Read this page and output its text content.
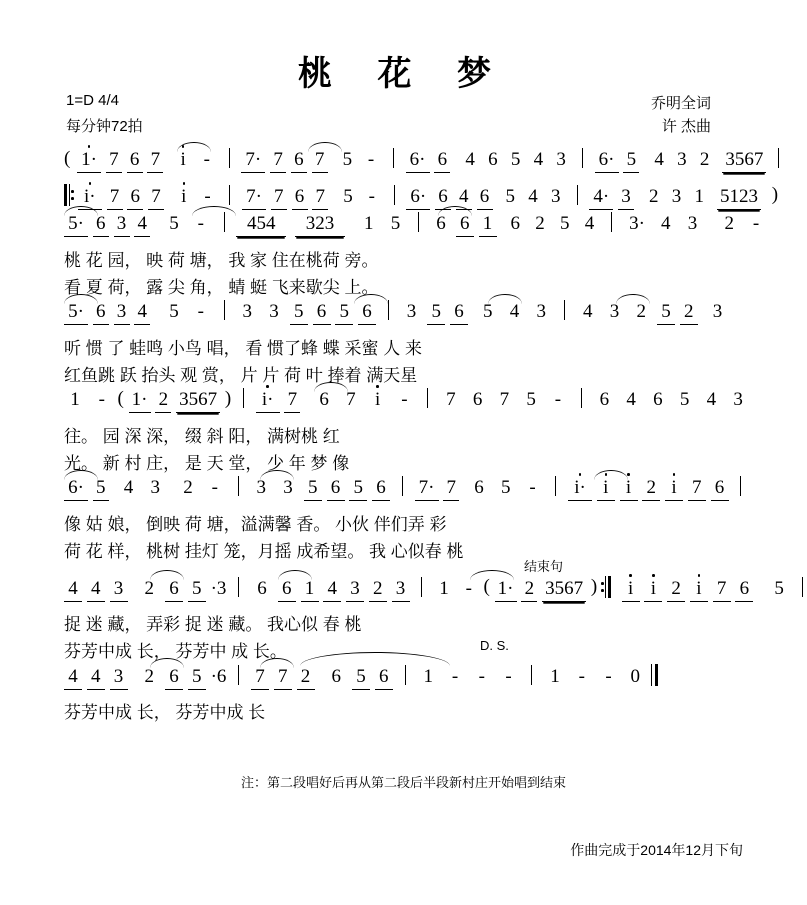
桃 花 梦
1=D 4/4
每分钟72拍
乔明全词
许 杰曲
( 1· 7 6 7 i - 7· 7 6 7 5 - 6· 6 4 6 5 4 3 6· 5 4 3 2 3567
i· 7 6 7 i - 7· 7 6 7 5 - 6· 6 4 6 5 4 3 4· 3 2 3 1 5123 )
5· 6 3 4 5 - 454 323 1 5 6 6 1 6 2 5 4 3· 4 3 2 -
桃 花 园， 映 荷 塘， 我 家 住在桃荷 旁。
看 夏 荷， 露 尖 角， 蜻 蜓 飞来歇尖 上。
5· 6 3 4 5 - 3 3 5 6 5 6 3 5 6 5 4 3 4 3 2 5 2 3
听 惯 了 蛙鸣 小鸟 唱， 看 惯了蜂 蝶 采蜜 人 来
红鱼跳 跃 抬头 观 赏， 片 片 荷 叶 捧着 满天星
1 - ( 1· 2 3567 ) i· 7 6 7 i - 7 6 7 5 - 6 4 6 5 4 3
往。 园 深 深， 缀 斜 阳， 满树桃 红
光。 新 村 庄， 是 天 堂， 少 年 梦 像
6· 5 4 3 2 - 3 3 5 6 5 6 7· 7 6 5 - i· i i 2 i 7 6
像 姑 娘， 倒映 荷 塘，溢满馨 香。 小伙 伴们弄 彩
荷 花 样， 桃树 挂灯 笼，月摇 成希望。 我 心似春 桃
结束句
4 4 3 2 6 5 ·3 6 6 1 4 3 2 3 1 - ( 1· 2 3567 ) i i 2 i 7 6 5
捉 迷 藏， 弄彩 捉 迷 藏。 我心似 春 桃
芬芳中成 长， 芬芳中 成 长。	D. S.
4 4 3 2 6 5 ·6 7 7 2 6 5 6 1 - - - 1 - - 0
芬芳中成 长， 芬芳中成 长
注：第二段唱好后再从第二段后半段新村庄开始唱到结束
作曲完成于2014年12月下旬
